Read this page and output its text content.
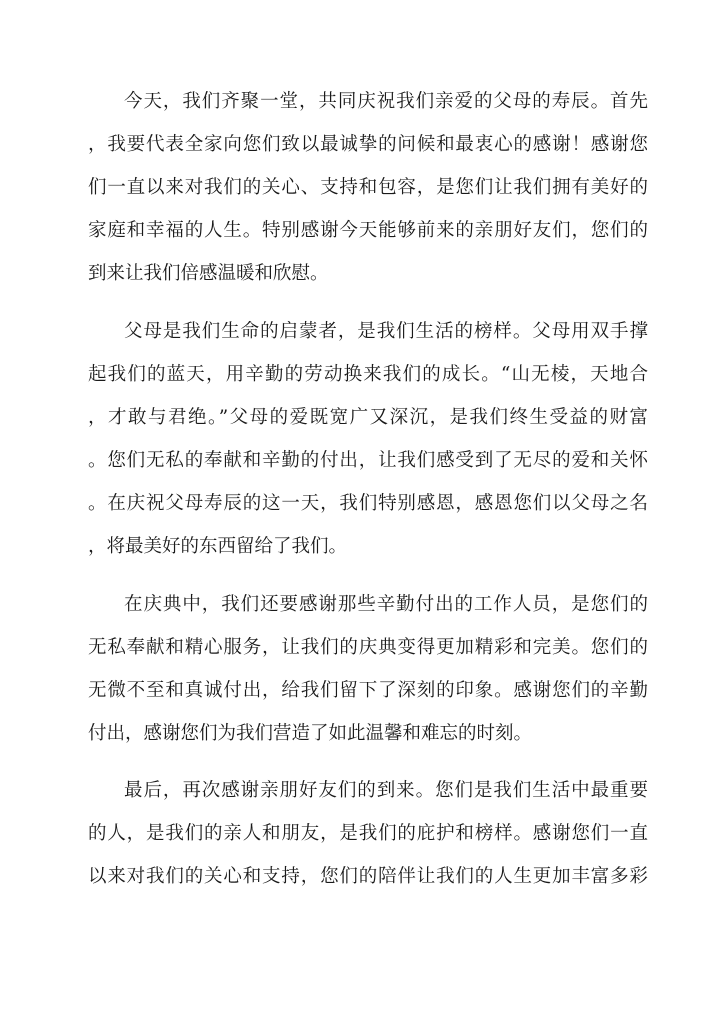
今天，我们齐聚一堂，共同庆祝我们亲爱的父母的寿辰。首先
，我要代表全家向您们致以最诚挚的问候和最衷心的感谢！感谢您
们一直以来对我们的关心、支持和包容，是您们让我们拥有美好的
家庭和幸福的人生。特别感谢今天能够前来的亲朋好友们，您们的
到来让我们倍感温暖和欣慰。
父母是我们生命的启蒙者，是我们生活的榜样。父母用双手撑
起我们的蓝天，用辛勤的劳动换来我们的成长。“山无棱，天地合
，才敢与君绝。”父母的爱既宽广又深沉，是我们终生受益的财富
。您们无私的奉献和辛勤的付出，让我们感受到了无尽的爱和关怀
。在庆祝父母寿辰的这一天，我们特别感恩，感恩您们以父母之名
，将最美好的东西留给了我们。
在庆典中，我们还要感谢那些辛勤付出的工作人员，是您们的
无私奉献和精心服务，让我们的庆典变得更加精彩和完美。您们的
无微不至和真诚付出，给我们留下了深刻的印象。感谢您们的辛勤
付出，感谢您们为我们营造了如此温馨和难忘的时刻。
最后，再次感谢亲朋好友们的到来。您们是我们生活中最重要
的人，是我们的亲人和朋友，是我们的庇护和榜样。感谢您们一直
以来对我们的关心和支持，您们的陪伴让我们的人生更加丰富多彩
